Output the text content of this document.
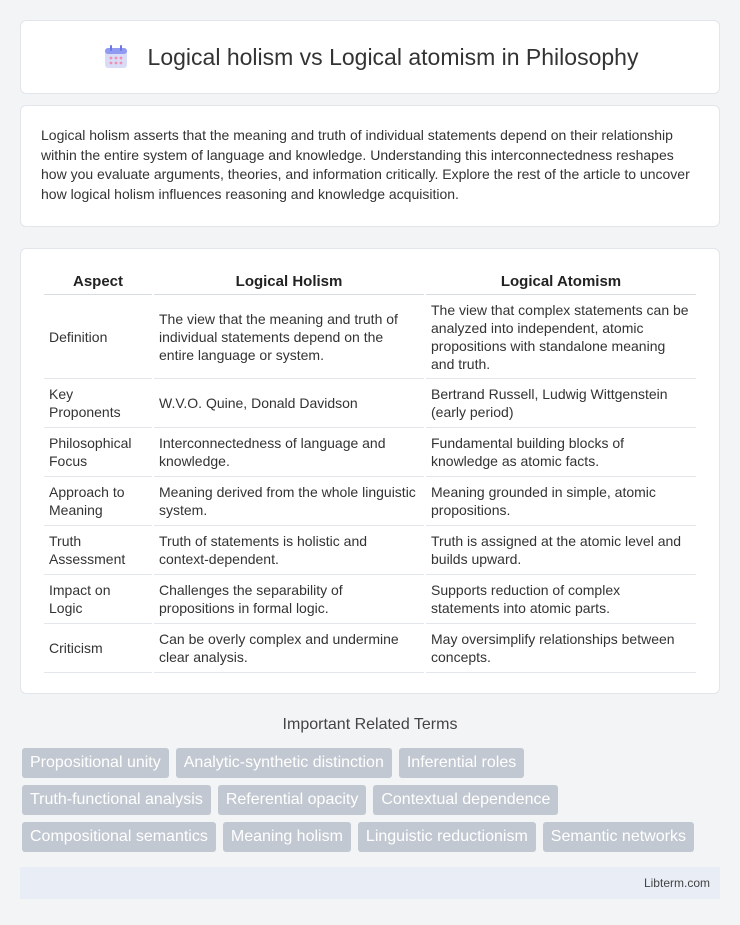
Logical holism vs Logical atomism in Philosophy

Logical holism asserts that the meaning and truth of individual statements depend on their relationship within the entire system of language and knowledge. Understanding this interconnectedness reshapes how you evaluate arguments, theories, and information critically. Explore the rest of the article to uncover how logical holism influences reasoning and knowledge acquisition.

Aspect	Logical Holism	Logical Atomism
Definition	The view that the meaning and truth of individual statements depend on the entire language or system.	The view that complex statements can be analyzed into independent, atomic propositions with standalone meaning and truth.
Key Proponents	W.V.O. Quine, Donald Davidson	Bertrand Russell, Ludwig Wittgenstein (early period)
Philosophical Focus	Interconnectedness of language and knowledge.	Fundamental building blocks of knowledge as atomic facts.
Approach to Meaning	Meaning derived from the whole linguistic system.	Meaning grounded in simple, atomic propositions.
Truth Assessment	Truth of statements is holistic and context-dependent.	Truth is assigned at the atomic level and builds upward.
Impact on Logic	Challenges the separability of propositions in formal logic.	Supports reduction of complex statements into atomic parts.
Criticism	Can be overly complex and undermine clear analysis.	May oversimplify relationships between concepts.
Important Related Terms
Propositional unity	Analytic-synthetic distinction	Inferential roles
Truth-functional analysis	Referential opacity	Contextual dependence
Compositional semantics	Meaning holism	Linguistic reductionism	Semantic networks
Libterm.com
